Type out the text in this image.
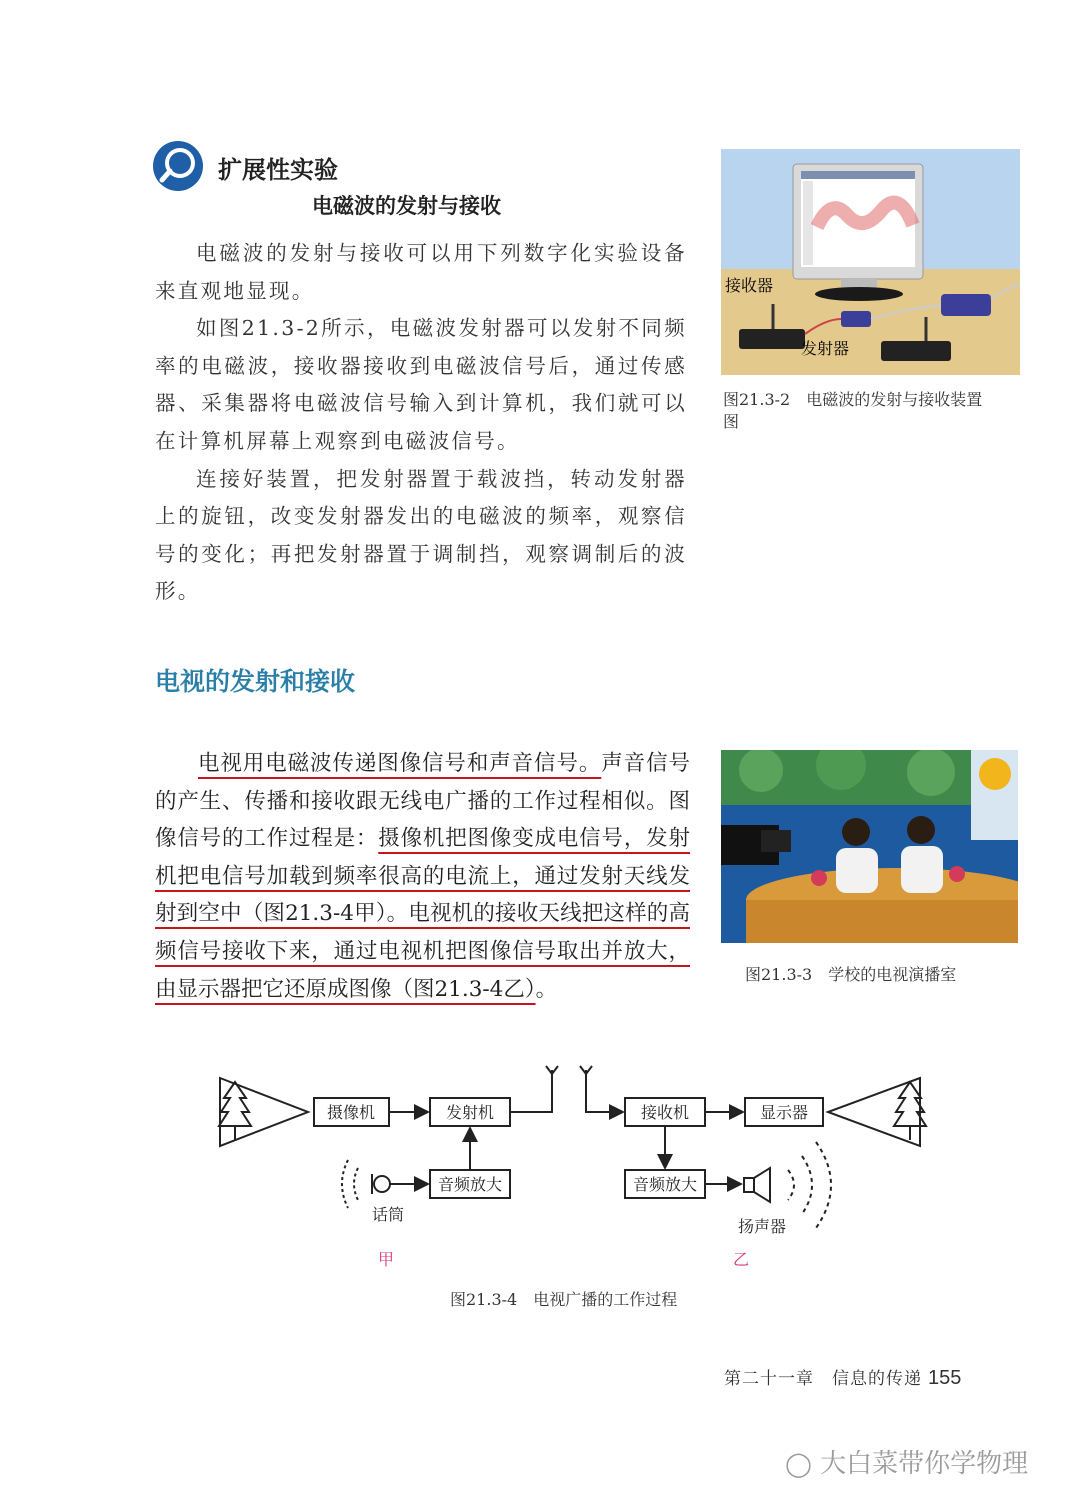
扩展性实验
电磁波的发射与接收

电磁波的发射与接收可以用下列数字化实验设备来直观地显现。

如图21.3-2所示，电磁波发射器可以发射不同频率的电磁波，接收器接收到电磁波信号后，通过传感器、采集器将电磁波信号输入到计算机，我们就可以在计算机屏幕上观察到电磁波信号。

连接好装置，把发射器置于载波挡，转动发射器上的旋钮，改变发射器发出的电磁波的频率，观察信号的变化；再把发射器置于调制挡，观察调制后的波形。

接收器
发射器
图21.3-2　电磁波的发射与接收装置图
电视的发射和接收

电视用电磁波传递图像信号和声音信号。声音信号的产生、传播和接收跟无线电广播的工作过程相似。图像信号的工作过程是：摄像机把图像变成电信号，发射机把电信号加载到频率很高的电流上，通过发射天线发射到空中（图21.3-4甲）。电视机的接收天线把这样的高频信号接收下来，通过电视机把图像信号取出并放大，由显示器把它还原成图像（图21.3-4乙）。

图21.3-3　学校的电视演播室
摄像机	发射机
音频放大
话筒
接收机	显示器
音频放大
扬声器
甲	乙
图21.3-4　电视广播的工作过程
第二十一章　信息的传递 155
◯ 大白菜带你学物理
